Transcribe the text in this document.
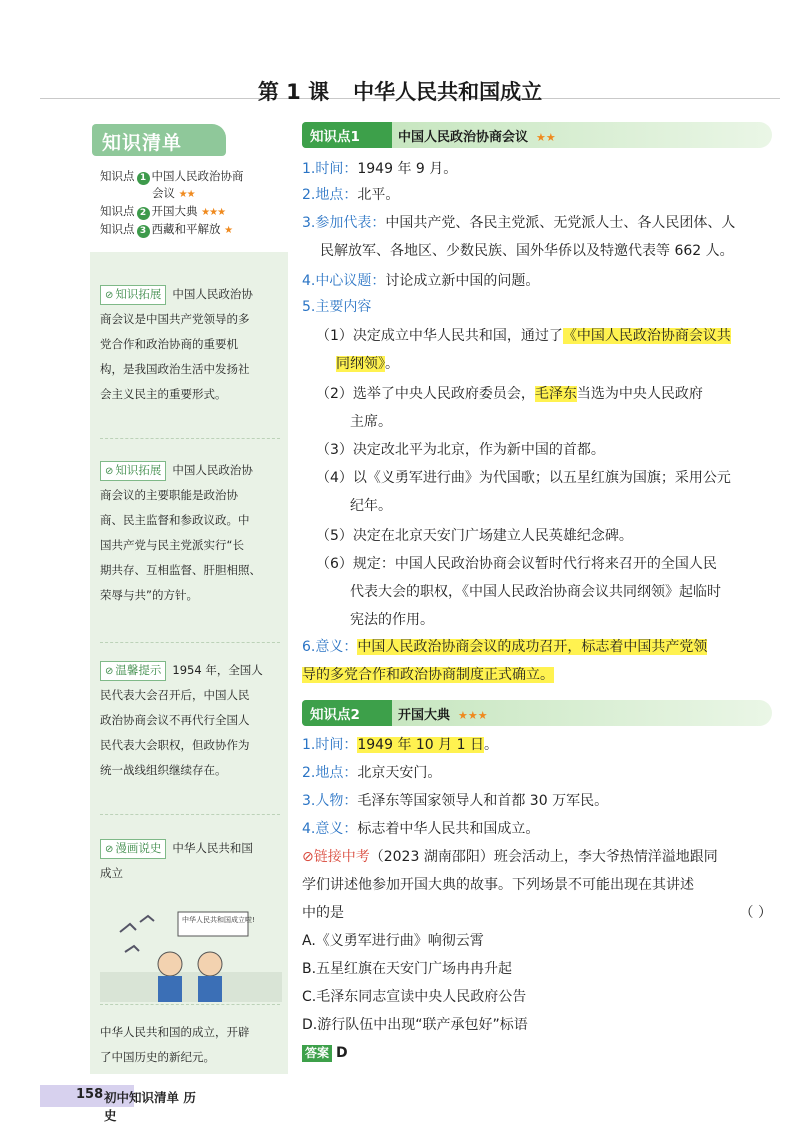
第 1 课 中华人民共和国成立
知识清单
知识点 1 中国人民政治协商
会议 ★★
知识点 2 开国大典 ★★★
知识点 3 西藏和平解放 ★
⊘ 知识拓展 中国人民政治协
商会议是中国共产党领导的多
党合作和政治协商的重要机
构，是我国政治生活中发扬社
会主义民主的重要形式。
⊘ 知识拓展 中国人民政治协
商会议的主要职能是政治协
商、民主监督和参政议政。中
国共产党与民主党派实行“长
期共存、互相监督、肝胆相照、
荣辱与共”的方针。
⊘ 温馨提示 1954 年，全国人
民代表大会召开后，中国人民
政治协商会议不再代行全国人
民代表大会职权，但政协作为
统一战线组织继续存在。
⊘ 漫画说史 中华人民共和国
成立
中华人民共和国成立啦!
中华人民共和国的成立，开辟
了中国历史的新纪元。
知识点1	中国人民政治协商会议 ★★
1.时间：1949 年 9 月。
2.地点：北平。
3.参加代表：中国共产党、各民主党派、无党派人士、各人民团体、人
民解放军、各地区、少数民族、国外华侨以及特邀代表等 662 人。
4.中心议题：讨论成立新中国的问题。
5.主要内容
（1）决定成立中华人民共和国，通过了《中国人民政治协商会议共
同纲领》。
（2）选举了中央人民政府委员会，毛泽东当选为中央人民政府
主席。
（3）决定改北平为北京，作为新中国的首都。
（4）以《义勇军进行曲》为代国歌；以五星红旗为国旗；采用公元
纪年。
（5）决定在北京天安门广场建立人民英雄纪念碑。
（6）规定：中国人民政治协商会议暂时代行将来召开的全国人民
代表大会的职权，《中国人民政治协商会议共同纲领》起临时
宪法的作用。
6.意义：中国人民政治协商会议的成功召开，标志着中国共产党领
导的多党合作和政治协商制度正式确立。
知识点2	开国大典 ★★★
1.时间：1949 年 10 月 1 日。
2.地点：北京天安门。
3.人物：毛泽东等国家领导人和首都 30 万军民。
4.意义：标志着中华人民共和国成立。
⊘链接中考（2023 湖南邵阳）班会活动上，李大爷热情洋溢地跟同
学们讲述他参加开国大典的故事。下列场景不可能出现在其讲述
中的是	（ ）
A.《义勇军进行曲》响彻云霄
B.五星红旗在天安门广场冉冉升起
C.毛泽东同志宣读中央人民政府公告
D.游行队伍中出现“联产承包好”标语
答案 D
158 初中知识清单 历史
